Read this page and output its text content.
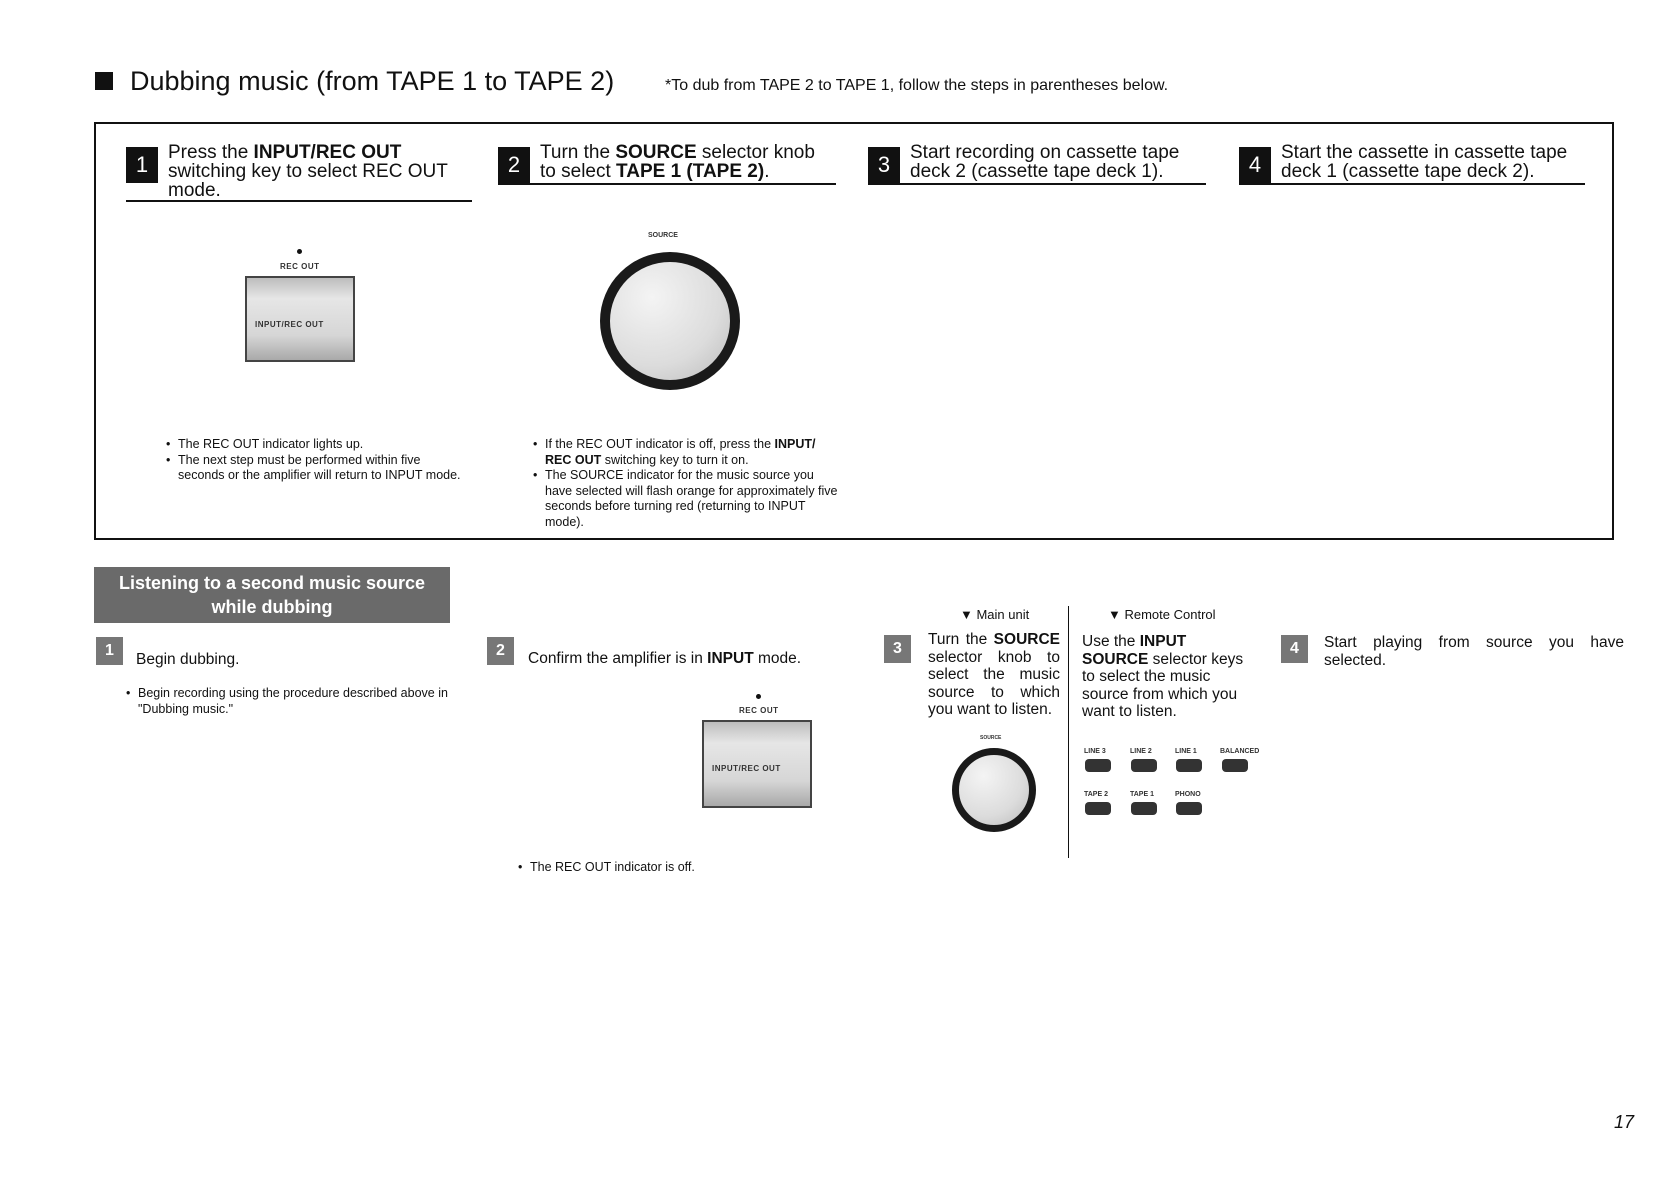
Dubbing music (from TAPE 1 to TAPE 2)	*To dub from TAPE 2 to TAPE 1, follow the steps in parentheses below.
1	Press the INPUT/REC OUT switching key to select REC OUT mode.
2	Turn the SOURCE selector knob to select TAPE 1 (TAPE 2).	3	Start recording on cassette tape deck 2 (cassette tape deck 1).	4	Start the cassette in cassette tape deck 1 (cassette tape deck 2).
REC OUT
INPUT/REC OUT
• The REC OUT indicator lights up.
• The next step must be performed within five seconds or the amplifier will return to INPUT mode.
SOURCE
• If the REC OUT indicator is off, press the INPUT/ REC OUT switching key to turn it on.
• The SOURCE indicator for the music source you have selected will flash orange for approximately five seconds before turning red (returning to INPUT mode).
Listening to a second music source
while dubbing
1
Begin dubbing.
• Begin recording using the procedure described above in "Dubbing music."
2	Confirm the amplifier is in INPUT mode.
REC OUT
INPUT/REC OUT
• The REC OUT indicator is off.
▼ Main unit	▼ Remote Control
3
Turn the SOURCE selector knob to select the music source to which you want to listen.
Use the INPUT SOURCE selector keys to select the music source from which you want to listen.
SOURCE
LINE 3	LINE 2	LINE 1	BALANCED
TAPE 2	TAPE 1	PHONO
4	Start playing from source you have selected.
17
